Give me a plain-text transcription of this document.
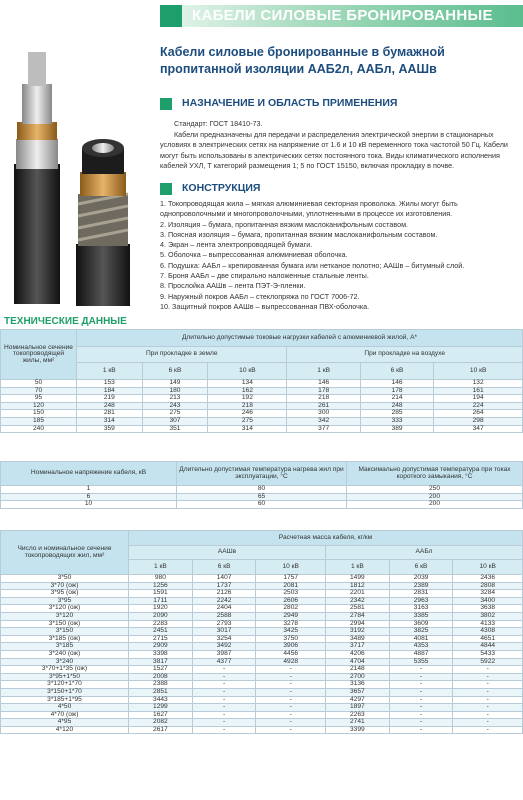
КАБЕЛИ СИЛОВЫЕ БРОНИРОВАННЫЕ
Кабели силовые бронированные в бумажной пропитанной изоляции ААБ2л, ААБл, ААШв
НАЗНАЧЕНИЕ И ОБЛАСТЬ ПРИМЕНЕНИЯ

Стандарт: ГОСТ 18410-73.

Кабели предназначены для передачи и распределения электрической энергии в стационарных условиях в электрических сетях на напряжение от 1.6 и 10 кВ переменного тока частотой 50 Гц. Кабели могут быть использованы в электрических сетях постоянного тока. Виды климатического исполнения кабелей УХЛ, Т категорий размещения 1; 5 по ГОСТ 15150, включая прокладку в почве.

КОНСТРУКЦИЯ
1. Токопроводящая жила – мягкая алюминиевая секторная проволока. Жилы могут быть однопроволочными и многопроволочными, уплотненными в процессе их изготовления.
2. Изоляция – бумага, пропитанная вязким маслоканифольным составом.
3. Поясная изоляция – бумага, пропитанная вязким маслоканифольным составом.
4. Экран – лента электропроводящей бумаги.
5. Оболочка – выпрессованная алюминиевая оболочка.
6. Подушка: ААБл – крепированная бумага или нетканое полотно; ААШв – битумный слой.
7. Броня ААБл – две спирально наложенные стальные ленты.
8. Прослойка ААШв – лента ПЭТ-Э-пленки.
9. Наружный покров ААБл – стеклопряжа по ГОСТ 7006-72.
10. Защитный покров ААШв – выпрессованная ПВХ-оболочка.
ТЕХНИЧЕСКИЕ ДАННЫЕ
Номинальное сечение токопроводящей жилы, мм²	Длительно допустимые токовые нагрузки кабелей с алюминиевой жилой, А*					
	При прокладке в земле			При прокладке на воздухе		
	1 кВ	6 кВ	10 кВ	1 кВ	6 кВ	10 кВ
50	153	149	134	146	146	132
70	184	180	162	178	178	161
95	219	213	192	218	214	194
120	248	243	218	261	248	224
150	281	275	246	300	285	264
185	314	307	275	342	333	298
240	359	351	314	377	389	347
Номинальное напряжение кабеля, кВ	Длительно допустимая температура нагрева жил при эксплуатации, °С	Максимально допустимая температура при токах короткого замыкания, °С
1	80	250
6	65	200
10	60	200
Число и номинальное сечение токопроводящих жил, мм²	Расчетная масса кабеля, кг/км					
	ААШв			ААБл		
	1 кВ	6 кВ	10 кВ	1 кВ	6 кВ	10 кВ
3*50	980	1407	1757	1499	2039	2436
3*70 (ож)	1256	1737	2081	1812	2389	2808
3*95 (ож)	1591	2126	2503	2201	2831	3284
3*95	1711	2242	2606	2342	2963	3400
3*120 (ож)	1920	2404	2802	2581	3163	3638
3*120	2090	2588	2949	2784	3385	3802
3*150 (ож)	2283	2793	3278	2994	3609	4133
3*150	2451	3017	3425	3192	3825	4308
3*185 (ож)	2715	3254	3750	3489	4081	4651
3*185	2909	3492	3906	3717	4353	4844
3*240 (ож)	3398	3987	4456	4206	4887	5433
3*240	3817	4377	4928	4704	5355	5922
3*70+1*35 (ож)	1527	-	-	2148	-	-
3*95+1*50	2008	-	-	2700	-	-
3*120+1*70	2388	-	-	3136	-	-
3*150+1*70	2851	-	-	3657	-	-
3*185+1*95	3443	-	-	4297	-	-
4*50	1299	-	-	1897	-	-
4*70 (ож)	1627	-	-	2263	-	-
4*95	2082	-	-	2741	-	-
4*120	2617	-	-	3399	-	-
